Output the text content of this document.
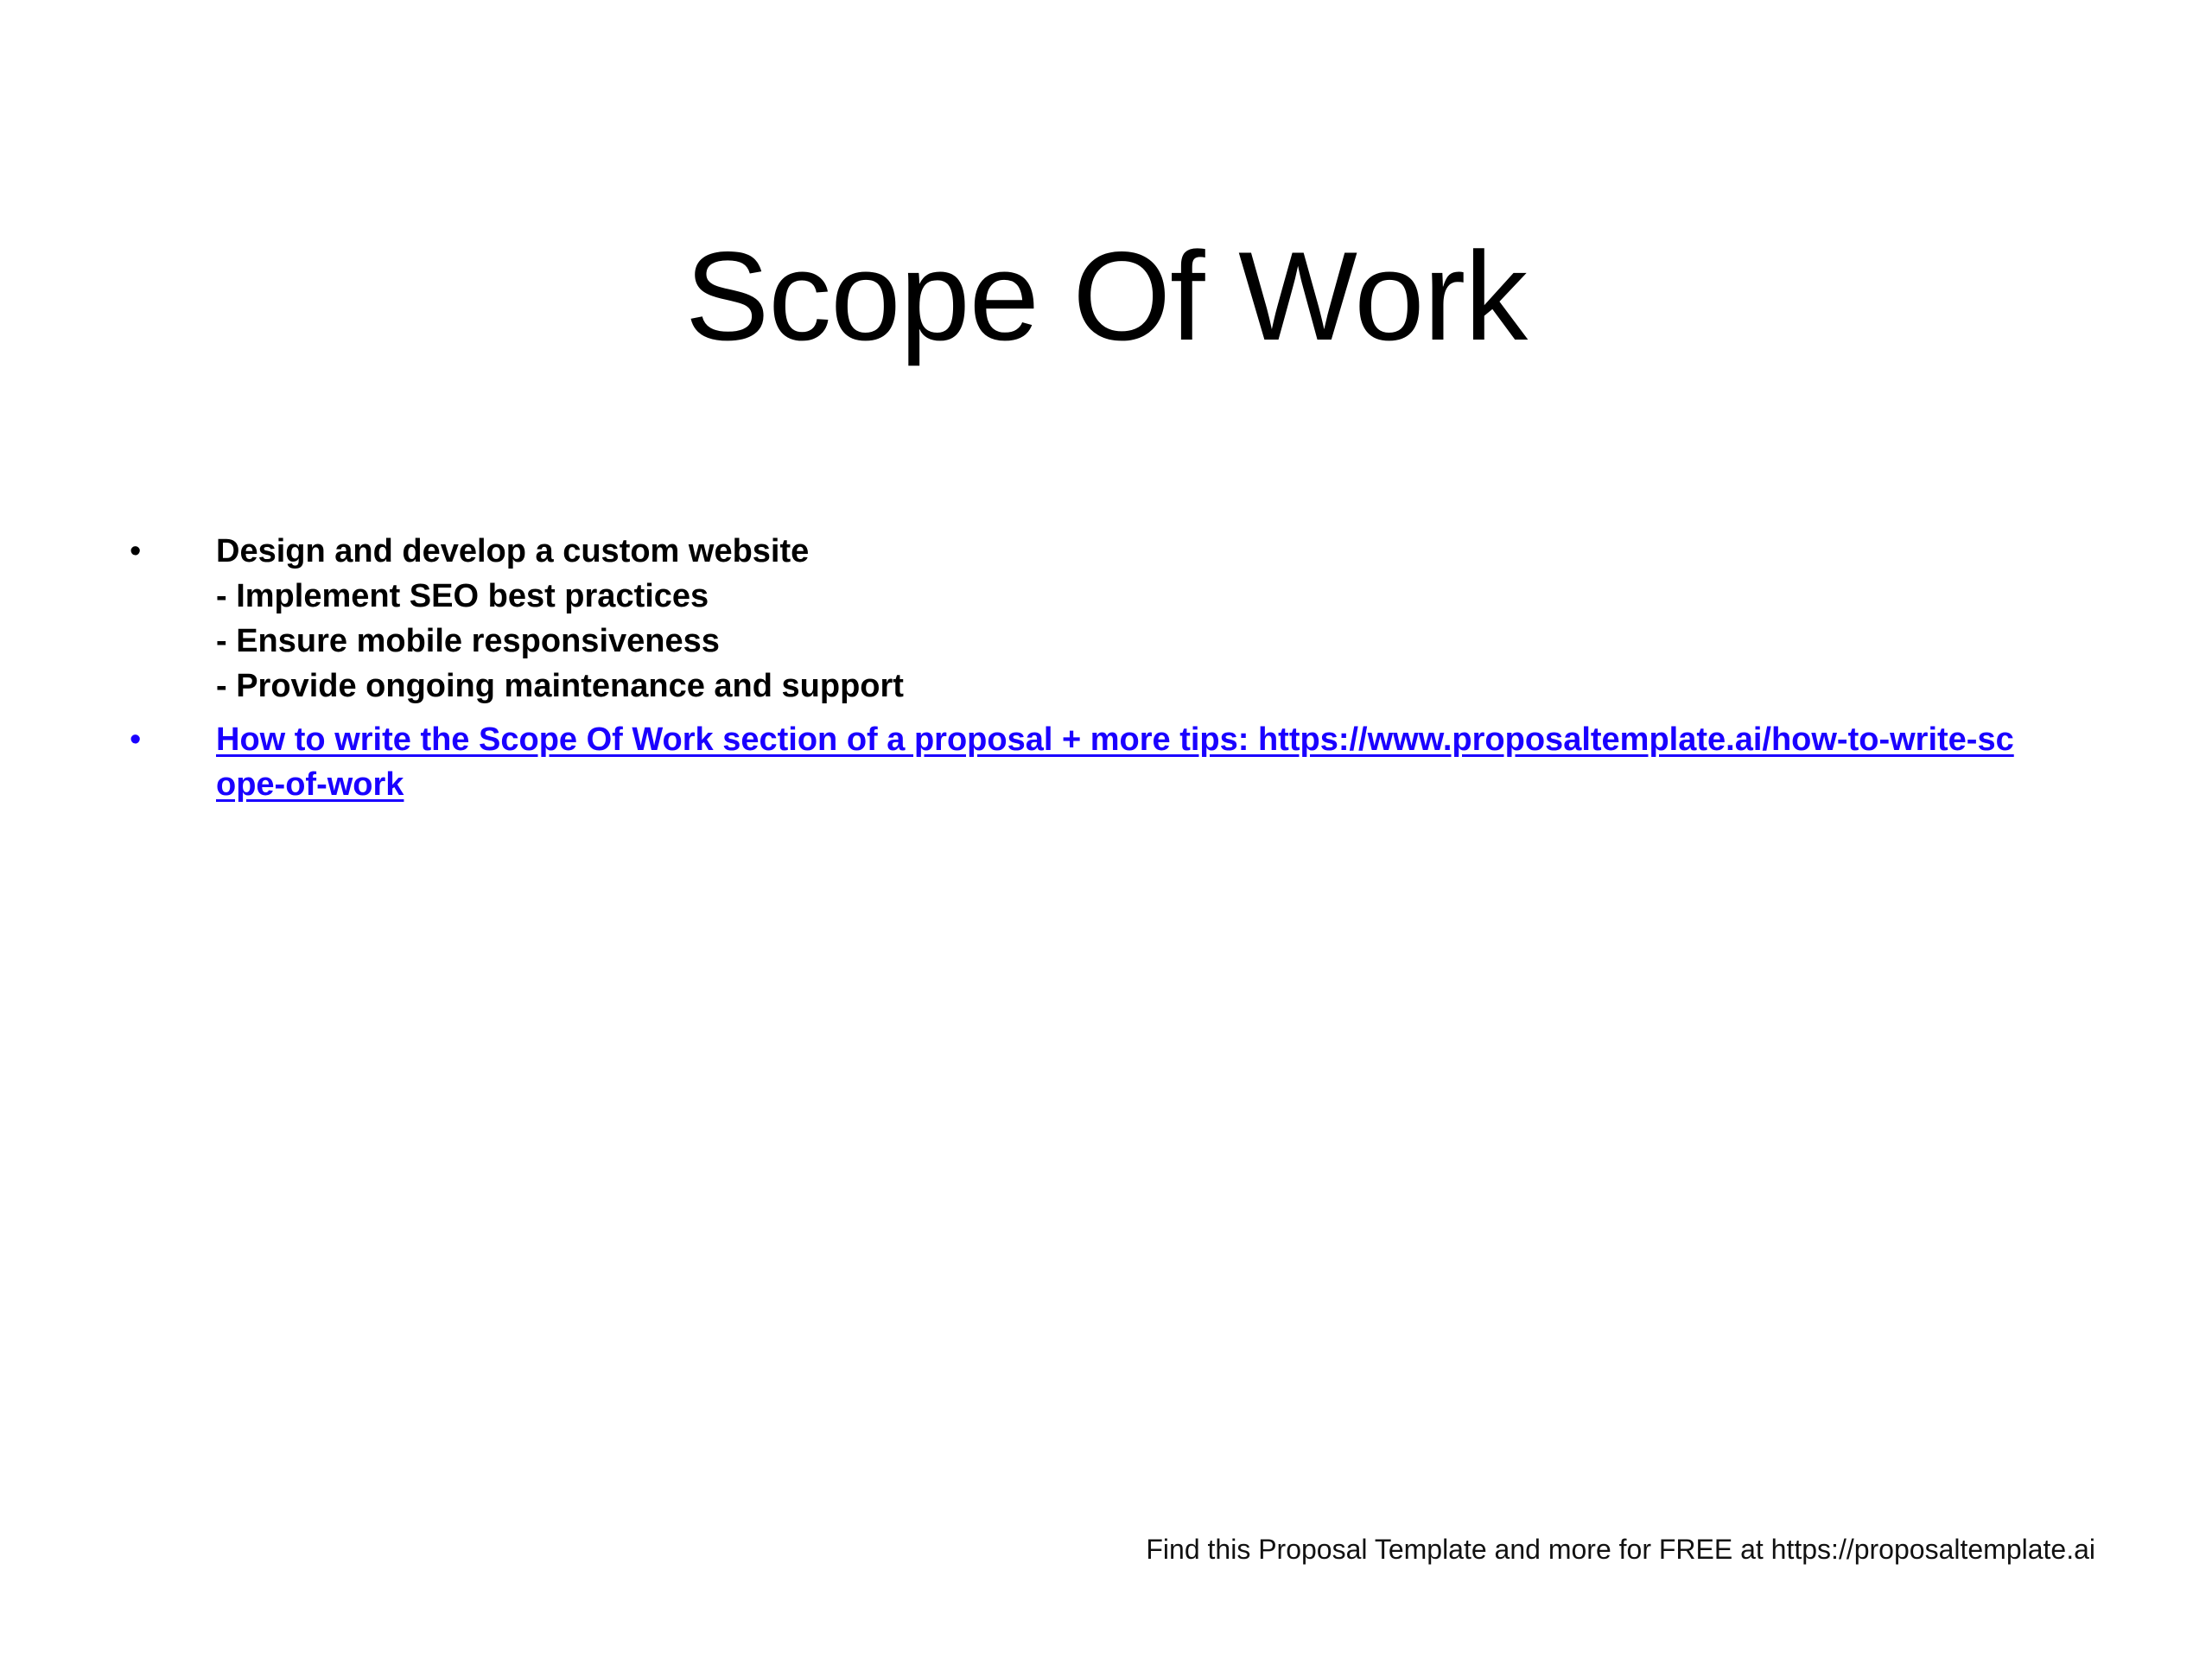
Scope Of Work
•	Design and develop a custom website
- Implement SEO best practices
- Ensure mobile responsiveness
- Provide ongoing maintenance and support
•	How to write the Scope Of Work section of a proposal + more tips: https://www.proposaltemplate.ai/how-to-write-scope-of-work
Find this Proposal Template and more for FREE at https://proposaltemplate.ai
